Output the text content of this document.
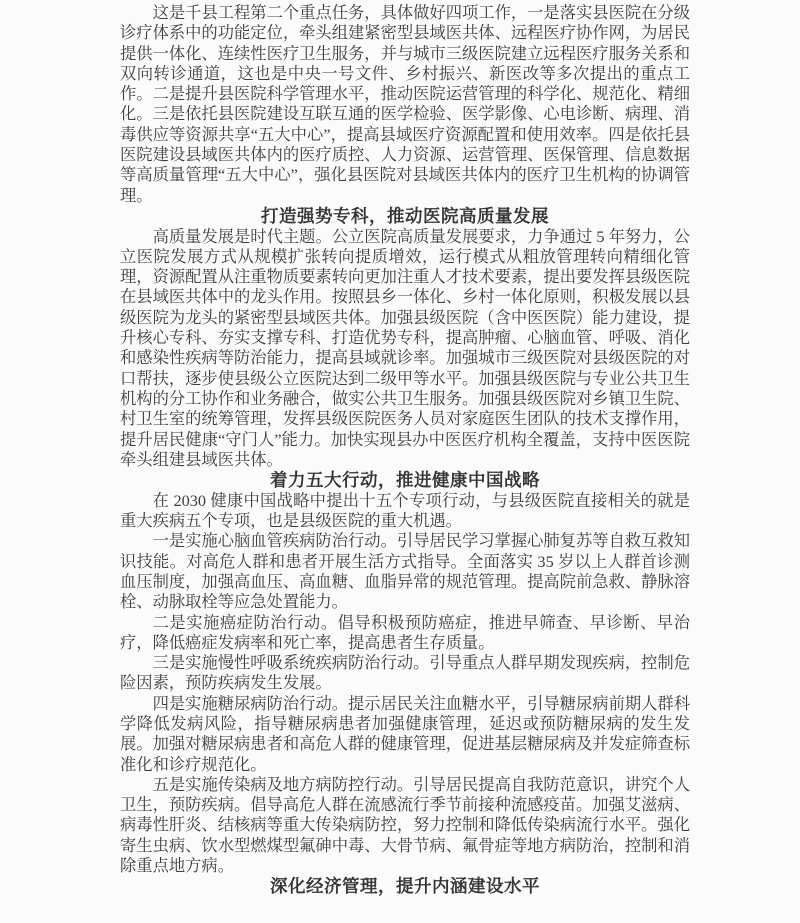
这是千县工程第二个重点任务，具体做好四项工作，一是落实县医院在分级诊疗体系中的功能定位，牵头组建紧密型县域医共体、远程医疗协作网，为居民提供一体化、连续性医疗卫生服务，并与城市三级医院建立远程医疗服务关系和双向转诊通道，这也是中央一号文件、乡村振兴、新医改等多次提出的重点工作。二是提升县医院科学管理水平，推动医院运营管理的科学化、规范化、精细化。三是依托县医院建设互联互通的医学检验、医学影像、心电诊断、病理、消毒供应等资源共享“五大中心”，提高县域医疗资源配置和使用效率。四是依托县医院建设县域医共体内的医疗质控、人力资源、运营管理、医保管理、信息数据等高质量管理“五大中心”，强化县医院对县域医共体内的医疗卫生机构的协调管理。

打造强势专科，推动医院高质量发展

高质量发展是时代主题。公立医院高质量发展要求，力争通过 5 年努力，公立医院发展方式从规模扩张转向提质增效，运行模式从粗放管理转向精细化管理，资源配置从注重物质要素转向更加注重人才技术要素，提出要发挥县级医院在县域医共体中的龙头作用。按照县乡一体化、乡村一体化原则，积极发展以县级医院为龙头的紧密型县域医共体。加强县级医院（含中医医院）能力建设，提升核心专科、夯实支撑专科、打造优势专科，提高肿瘤、心脑血管、呼吸、消化和感染性疾病等防治能力，提高县域就诊率。加强城市三级医院对县级医院的对口帮扶，逐步使县级公立医院达到二级甲等水平。加强县级医院与专业公共卫生机构的分工协作和业务融合，做实公共卫生服务。加强县级医院对乡镇卫生院、村卫生室的统筹管理，发挥县级医院医务人员对家庭医生团队的技术支撑作用，提升居民健康“守门人”能力。加快实现县办中医医疗机构全覆盖，支持中医医院牵头组建县域医共体。

着力五大行动，推进健康中国战略

在 2030 健康中国战略中提出十五个专项行动，与县级医院直接相关的就是重大疾病五个专项，也是县级医院的重大机遇。

一是实施心脑血管疾病防治行动。引导居民学习掌握心肺复苏等自救互救知识技能。对高危人群和患者开展生活方式指导。全面落实 35 岁以上人群首诊测血压制度，加强高血压、高血糖、血脂异常的规范管理。提高院前急救、静脉溶栓、动脉取栓等应急处置能力。

二是实施癌症防治行动。倡导积极预防癌症，推进早筛查、早诊断、早治疗，降低癌症发病率和死亡率，提高患者生存质量。

三是实施慢性呼吸系统疾病防治行动。引导重点人群早期发现疾病，控制危险因素，预防疾病发生发展。

四是实施糖尿病防治行动。提示居民关注血糖水平，引导糖尿病前期人群科学降低发病风险，指导糖尿病患者加强健康管理，延迟或预防糖尿病的发生发展。加强对糖尿病患者和高危人群的健康管理，促进基层糖尿病及并发症筛查标准化和诊疗规范化。

五是实施传染病及地方病防控行动。引导居民提高自我防范意识，讲究个人卫生，预防疾病。倡导高危人群在流感流行季节前接种流感疫苗。加强艾滋病、病毒性肝炎、结核病等重大传染病防控，努力控制和降低传染病流行水平。强化寄生虫病、饮水型燃煤型氟砷中毒、大骨节病、氟骨症等地方病防治，控制和消除重点地方病。

深化经济管理，提升内涵建设水平
